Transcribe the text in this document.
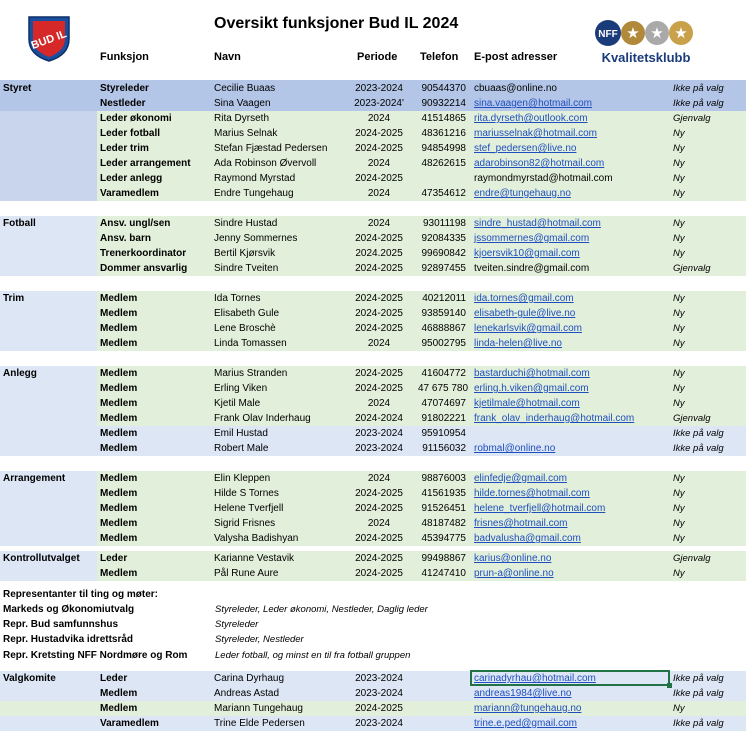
BUD IL
Oversikt funksjoner Bud IL 2024
NFF ★ ★ ★
Kvalitetsklubb
Funksjon	Navn	Periode Telefon E-post adresser
Styret	Styreleder	Cecilie Buaas	2023-2024	90544370 cbuaas@online.no	Ikke på valg
Nestleder	Sina Vaagen	2023-2024'	90932214 sina.vaagen@hotmail.com	Ikke på valg
Leder økonomi	Rita Dyrseth	2024	41514865 rita.dyrseth@outlook.com	Gjenvalg
Leder fotball	Marius Selnak	2024-2025	48361216 mariusselnak@hotmail.com	Ny
Leder trim	Stefan Fjæstad Pedersen	2024-2025	94854998 stef_pedersen@live.no	Ny
Leder arrangement Ada Robinson Øvervoll	2024	48262615 adarobinson82@hotmail.com	Ny
Leder anlegg	Raymond Myrstad	2024-2025	raymondmyrstad@hotmail.com	Ny
Varamedlem	Endre Tungehaug	2024	47354612 endre@tungehaug.no	Ny
Fotball	Ansv. ungl/sen	Sindre Hustad	2024	93011198 sindre_hustad@hotmail.com	Ny
Ansv. barn	Jenny Sommernes	2024-2025	92084335 jssommernes@gmail.com	Ny
Trenerkoordinator	Bertil Kjørsvik	2024.2025	99690842 kjoersvik10@gmail.com	Ny
Dommer ansvarlig	Sindre Tveiten	2024-2025	92897455 tveiten.sindre@gmail.com	Gjenvalg
Trim	Medlem	Ida Tornes	2024-2025	40212011 ida.tornes@gmail.com	Ny
Medlem	Elisabeth Gule	2024-2025	93859140 elisabeth-gule@live.no	Ny
Medlem	Lene Broschè	2024-2025	46888867 lenekarlsvik@gmail.com	Ny
Medlem	Linda Tomassen	2024	95002795 linda-helen@live.no	Ny
Anlegg	Medlem	Marius Stranden	2024-2025	41604772 bastarduchi@hotmail.com	Ny
Medlem	Erling Viken	2024-2025	47 675 780 erling.h.viken@gmail.com	Ny
Medlem	Kjetil Male	2024	47074697 kjetilmale@hotmail.com	Ny
Medlem	Frank Olav Inderhaug	2024-2024	91802221 frank_olav_inderhaug@hotmail.com	Gjenvalg
Medlem	Emil Hustad	2023-2024	95910954	Ikke på valg
Medlem	Robert Male	2023-2024	91156032 robmal@online.no	Ikke på valg
Arrangement	Medlem	Elin Kleppen	2024	98876003 elinfedje@gmail.com	Ny
Medlem	Hilde S Tornes	2024-2025	41561935 hilde.tornes@hotmail.com	Ny
Medlem	Helene Tverfjell	2024-2025	91526451 helene_tverfjell@hotmail.com	Ny
Medlem	Sigrid Frisnes	2024	48187482 frisnes@hotmail.com	Ny
Medlem	Valysha Badishyan	2024-2025	45394775 badvalusha@gmail.com	Ny
Kontrollutvalget Leder	Karianne Vestavik	2024-2025	99498867 karius@online.no	Gjenvalg
Medlem	Pål Rune Aure	2024-2025	41247410 prun-a@online.no	Ny
Valgkomite	Leder	Carina Dyrhaug	2023-2024	carinadyrhau@hotmail.com	Ikke på valg
Medlem	Andreas Astad	2023-2024	andreas1984@live.no	Ikke på valg
Medlem	Mariann Tungehaug	2024-2025	mariann@tungehaug.no	Ny
Varamedlem	Trine Elde Pedersen	2023-2024	trine.e.ped@gmail.com	Ikke på valg
Representanter til ting og møter:
Markeds og Økonomiutvalg	Styreleder, Leder økonomi, Nestleder, Daglig leder
Repr. Bud samfunnshus	Styreleder
Repr. Hustadvika idrettsråd	Styreleder, Nestleder
Repr. Kretsting NFF Nordmøre og Rom	Leder fotball, og minst en til fra fotball gruppen
